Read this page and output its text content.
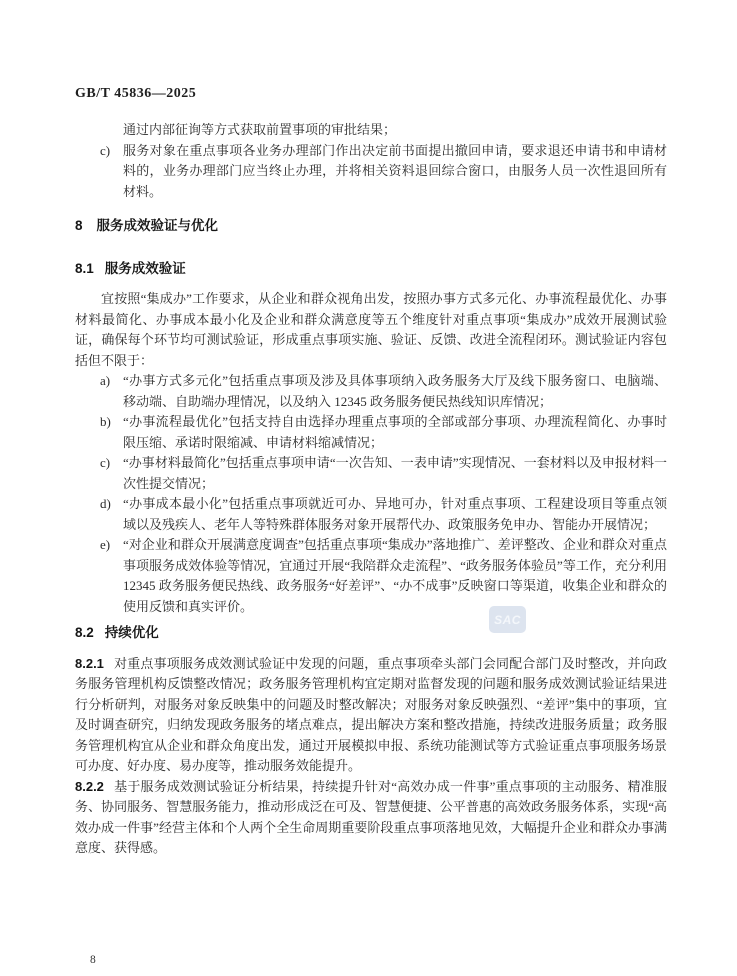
GB/T 45836—2025

通过内部征询等方式获取前置事项的审批结果；

c) 服务对象在重点事项各业务办理部门作出决定前书面提出撤回申请，要求退还申请书和申请材料的，业务办理部门应当终止办理，并将相关资料退回综合窗口，由服务人员一次性退回所有材料。
8 服务成效验证与优化
8.1 服务成效验证

宜按照“集成办”工作要求，从企业和群众视角出发，按照办事方式多元化、办事流程最优化、办事材料最简化、办事成本最小化及企业和群众满意度等五个维度针对重点事项“集成办”成效开展测试验证，确保每个环节均可测试验证，形成重点事项实施、验证、反馈、改进全流程闭环。测试验证内容包括但不限于：

a) “办事方式多元化”包括重点事项及涉及具体事项纳入政务服务大厅及线下服务窗口、电脑端、移动端、自助端办理情况，以及纳入 12345 政务服务便民热线知识库情况；
b) “办事流程最优化”包括支持自由选择办理重点事项的全部或部分事项、办理流程简化、办事时限压缩、承诺时限缩减、申请材料缩减情况；
c) “办事材料最简化”包括重点事项申请“一次告知、一表申请”实现情况、一套材料以及申报材料一次性提交情况；
d) “办事成本最小化”包括重点事项就近可办、异地可办，针对重点事项、工程建设项目等重点领域以及残疾人、老年人等特殊群体服务对象开展帮代办、政策服务免申办、智能办开展情况；
e) “对企业和群众开展满意度调查”包括重点事项“集成办”落地推广、差评整改、企业和群众对重点事项服务成效体验等情况，宜通过开展“我陪群众走流程”、“政务服务体验员”等工作，充分利用 12345 政务服务便民热线、政务服务“好差评”、“办不成事”反映窗口等渠道，收集企业和群众的使用反馈和真实评价。
8.2 持续优化

8.2.1 对重点事项服务成效测试验证中发现的问题，重点事项牵头部门会同配合部门及时整改，并向政务服务管理机构反馈整改情况；政务服务管理机构宜定期对监督发现的问题和服务成效测试验证结果进行分析研判，对服务对象反映集中的问题及时整改解决；对服务对象反映强烈、“差评”集中的事项，宜及时调查研究，归纳发现政务服务的堵点难点，提出解决方案和整改措施，持续改进服务质量；政务服务管理机构宜从企业和群众角度出发，通过开展模拟申报、系统功能测试等方式验证重点事项服务场景可办度、好办度、易办度等，推动服务效能提升。

8.2.2 基于服务成效测试验证分析结果，持续提升针对“高效办成一件事”重点事项的主动服务、精准服务、协同服务、智慧服务能力，推动形成泛在可及、智慧便捷、公平普惠的高效政务服务体系，实现“高效办成一件事”经营主体和个人两个全生命周期重要阶段重点事项落地见效，大幅提升企业和群众办事满意度、获得感。

SAC
8
